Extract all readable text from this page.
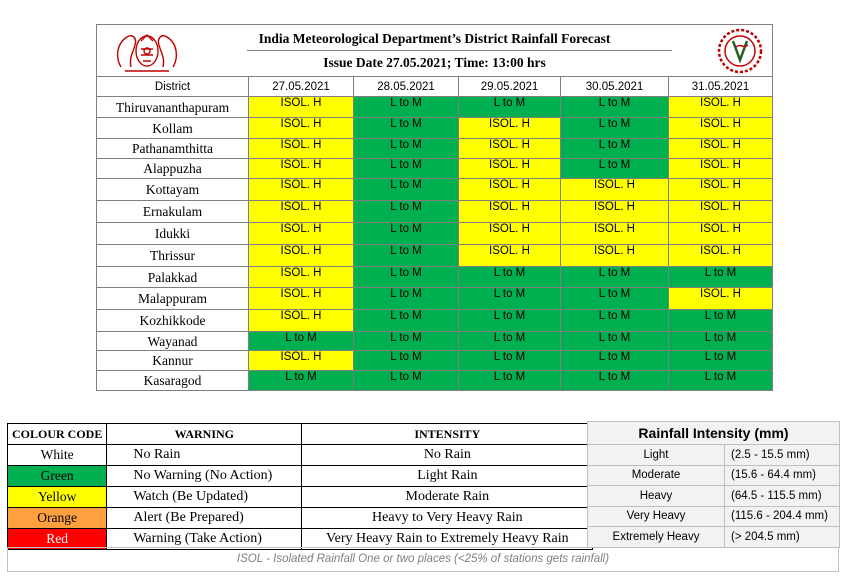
India Meteorological Department’s District Rainfall Forecast
Issue Date 27.05.2021; Time: 13:00 hrs					

District	27.05.2021	28.05.2021	29.05.2021	30.05.2021	31.05.2021
Thiruvananthapuram	ISOL. H	L to M	L to M	L to M	ISOL. H
Kollam	ISOL. H	L to M	ISOL. H	L to M	ISOL. H
Pathanamthitta	ISOL. H	L to M	ISOL. H	L to M	ISOL. H
Alappuzha	ISOL. H	L to M	ISOL. H	L to M	ISOL. H
Kottayam	ISOL. H	L to M	ISOL. H	ISOL. H	ISOL. H
Ernakulam	ISOL. H	L to M	ISOL. H	ISOL. H	ISOL. H
Idukki	ISOL. H	L to M	ISOL. H	ISOL. H	ISOL. H
Thrissur	ISOL. H	L to M	ISOL. H	ISOL. H	ISOL. H
Palakkad	ISOL. H	L to M	L to M	L to M	L to M
Malappuram	ISOL. H	L to M	L to M	L to M	ISOL. H
Kozhikkode	ISOL. H	L to M	L to M	L to M	L to M
Wayanad	L to M	L to M	L to M	L to M	L to M
Kannur	ISOL. H	L to M	L to M	L to M	L to M
Kasaragod	L to M	L to M	L to M	L to M	L to M
COLOUR CODE	WARNING	INTENSITY
White	No Rain	No Rain
Green	No Warning (No Action)	Light Rain
Yellow	Watch (Be Updated)	Moderate Rain
Orange	Alert (Be Prepared)	Heavy to Very Heavy Rain
Red	Warning (Take Action)	Very Heavy Rain to Extremely Heavy Rain
Rainfall Intensity (mm)	
Light	(2.5 - 15.5 mm)
Moderate	(15.6 - 64.4 mm)
Heavy	(64.5 - 115.5 mm)
Very Heavy	(115.6 - 204.4 mm)
Extremely Heavy	(> 204.5 mm)
ISOL - Isolated Rainfall One or two places (<25% of stations gets rainfall)
